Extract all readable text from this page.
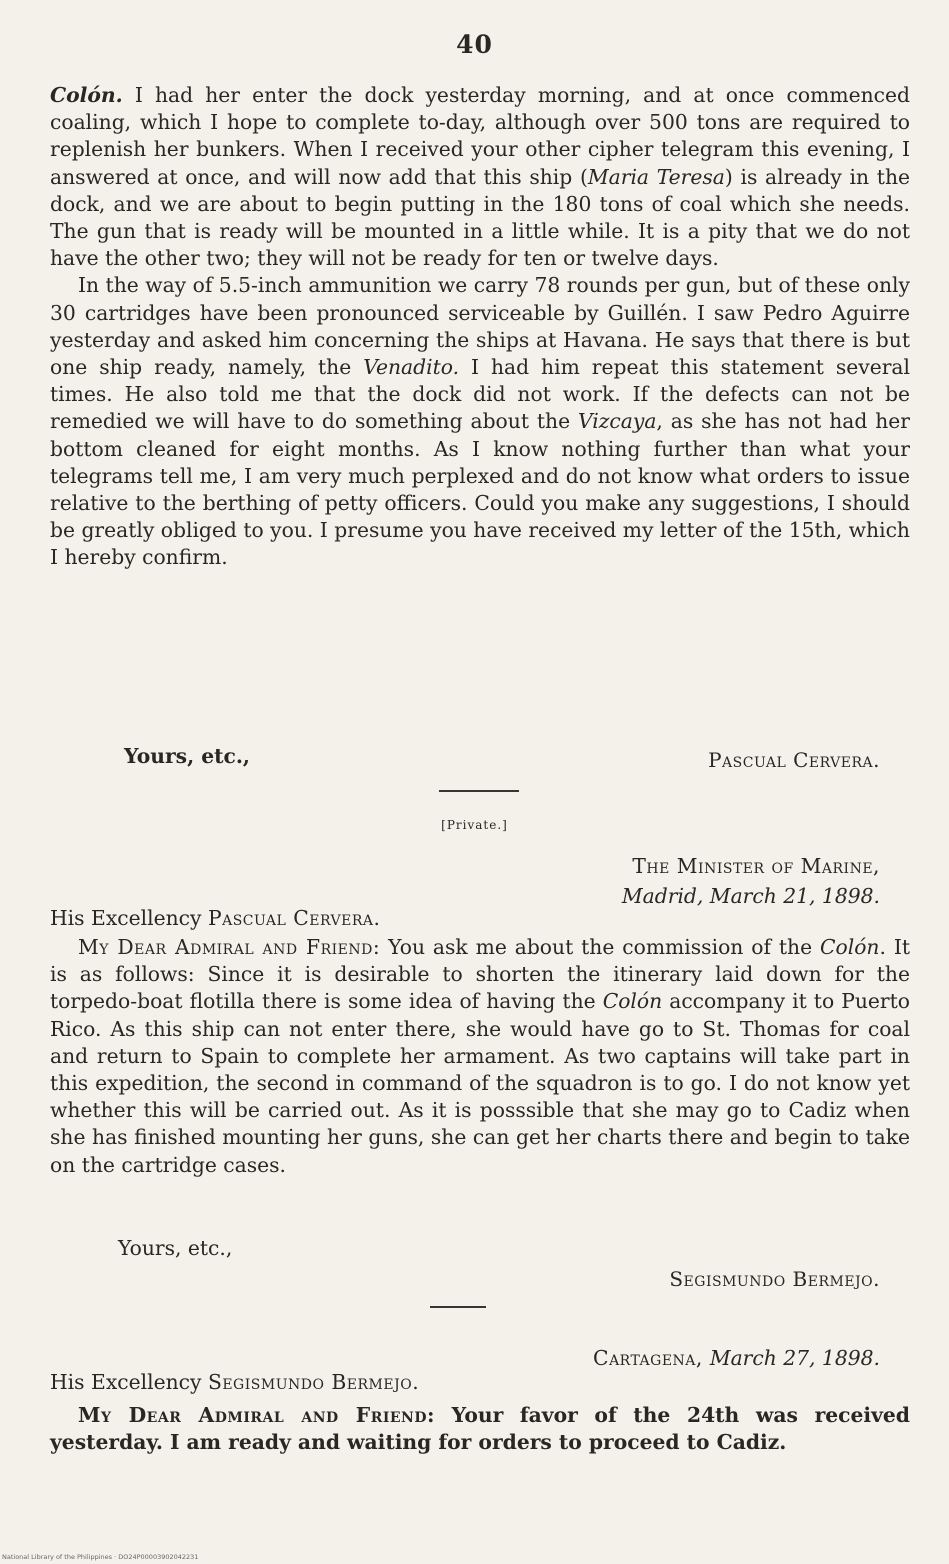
40

Colón. I had her enter the dock yesterday morning, and at once commenced coaling, which I hope to complete to-day, although over 500 tons are required to replenish her bunkers. When I received your other cipher telegram this evening, I answered at once, and will now add that this ship (Maria Teresa) is already in the dock, and we are about to begin putting in the 180 tons of coal which she needs. The gun that is ready will be mounted in a little while. It is a pity that we do not have the other two; they will not be ready for ten or twelve days.

In the way of 5.5-inch ammunition we carry 78 rounds per gun, but of these only 30 cartridges have been pronounced serviceable by Guillén. I saw Pedro Aguirre yesterday and asked him concerning the ships at Havana. He says that there is but one ship ready, namely, the Venadito. I had him repeat this statement several times. He also told me that the dock did not work. If the defects can not be remedied we will have to do something about the Vizcaya, as she has not had her bottom cleaned for eight months. As I know nothing further than what your telegrams tell me, I am very much perplexed and do not know what orders to issue relative to the berthing of petty officers. Could you make any suggestions, I should be greatly obliged to you. I presume you have received my letter of the 15th, which I hereby confirm.

Yours, etc.,	Pascual Cervera.
[Private.]
The Minister of Marine,
Madrid, March 21, 1898.
His Excellency Pascual Cervera.

My Dear Admiral and Friend: You ask me about the commission of the Colón. It is as follows: Since it is desirable to shorten the itinerary laid down for the torpedo-boat flotilla there is some idea of having the Colón accompany it to Puerto Rico. As this ship can not enter there, she would have go to St. Thomas for coal and return to Spain to complete her armament. As two captains will take part in this expedition, the second in command of the squadron is to go. I do not know yet whether this will be carried out. As it is posssible that she may go to Cadiz when she has finished mounting her guns, she can get her charts there and begin to take on the cartridge cases.

Yours, etc.,
Segismundo Bermejo.
Cartagena, March 27, 1898.
His Excellency Segismundo Bermejo.

My Dear Admiral and Friend: Your favor of the 24th was received yesterday. I am ready and waiting for orders to proceed to Cadiz.

National Library of the Philippines · DO24P00003902042231
